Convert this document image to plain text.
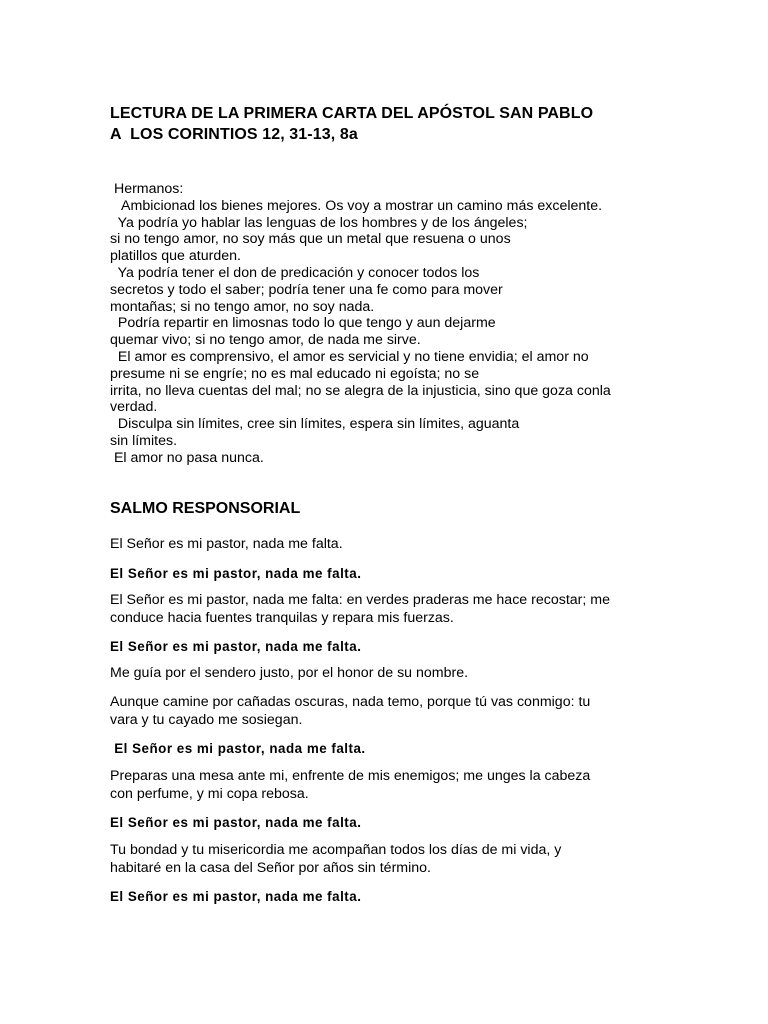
LECTURA DE LA PRIMERA CARTA DEL APÓSTOL SAN PABLO
A  LOS CORINTIOS 12, 31-13, 8a
Hermanos:
Ambicionad los bienes mejores. Os voy a mostrar un camino más excelente.
Ya podría yo hablar las lenguas de los hombres y de los ángeles;
si no tengo amor, no soy más que un metal que resuena o unos
platillos que aturden.
Ya podría tener el don de predicación y conocer todos los
secretos y todo el saber; podría tener una fe como para mover
montañas; si no tengo amor, no soy nada.
Podría repartir en limosnas todo lo que tengo y aun dejarme
quemar vivo; si no tengo amor, de nada me sirve.
El amor es comprensivo, el amor es servicial y no tiene envidia; el amor no
presume ni se engríe; no es mal educado ni egoísta; no se
irrita, no lleva cuentas del mal; no se alegra de la injusticia, sino que goza conla
verdad.
Disculpa sin límites, cree sin límites, espera sin límites, aguanta
sin límites.
El amor no pasa nunca.
SALMO RESPONSORIAL

El Señor es mi pastor, nada me falta.

El Señor es mi pastor, nada me falta.

El Señor es mi pastor, nada me falta: en verdes praderas me hace recostar; me
conduce hacia fuentes tranquilas y repara mis fuerzas.

El Señor es mi pastor, nada me falta.

Me guía por el sendero justo, por el honor de su nombre.

Aunque camine por cañadas oscuras, nada temo, porque tú vas conmigo: tu
vara y tu cayado me sosiegan.

El Señor es mi pastor, nada me falta.

Preparas una mesa ante mi, enfrente de mis enemigos; me unges la cabeza
con perfume, y mi copa rebosa.

El Señor es mi pastor, nada me falta.

Tu bondad y tu misericordia me acompañan todos los días de mi vida, y
habitaré en la casa del Señor por años sin término.

El Señor es mi pastor, nada me falta.
